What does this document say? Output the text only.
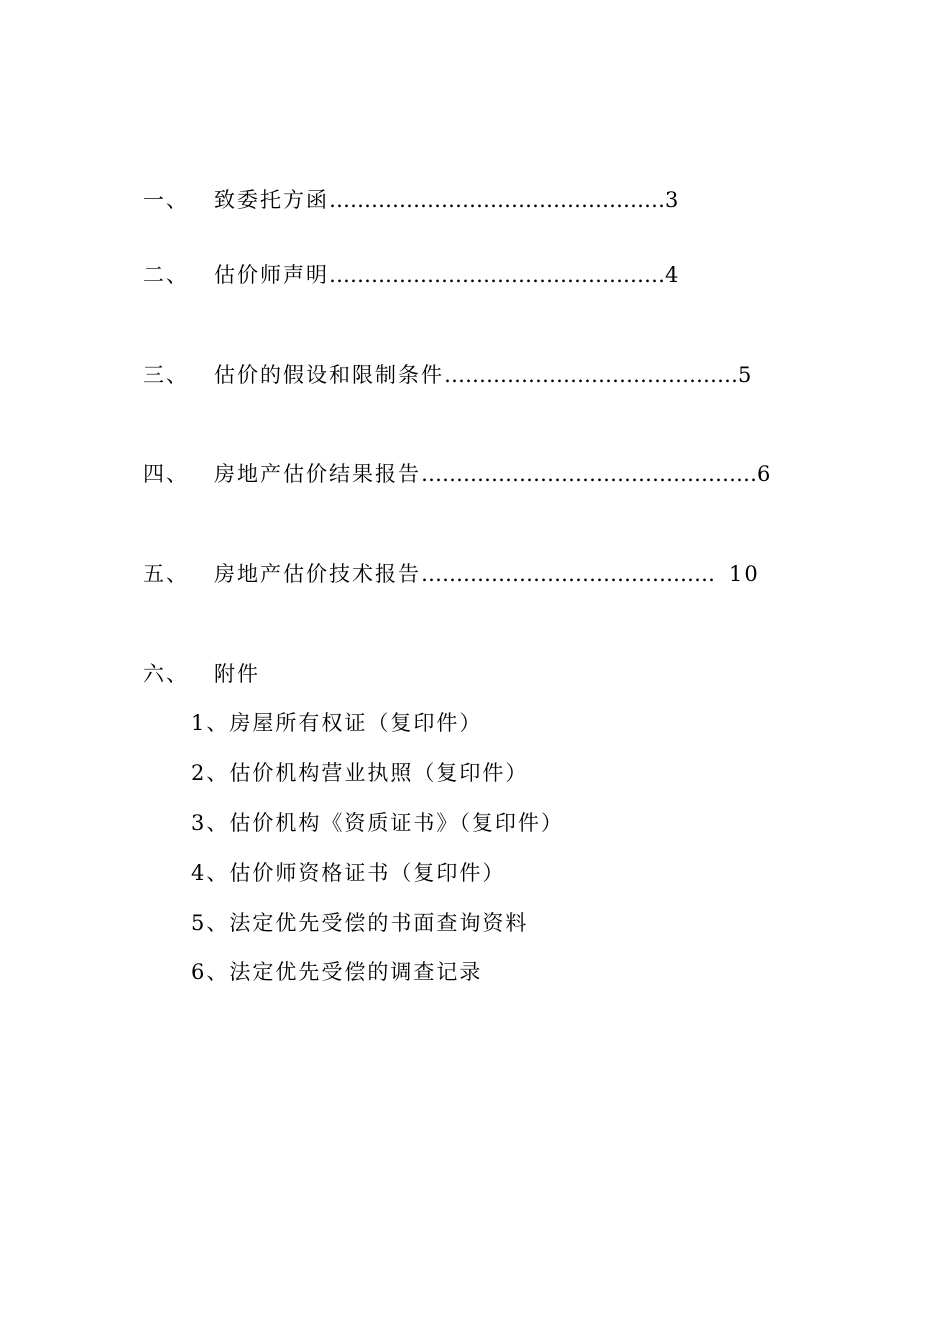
一、 致委托方函…………………………………………3
二、 估价师声明…………………………………………4
三、 估价的假设和限制条件……………………………………5
四、 房地产估价结果报告…………………………………………6
五、 房地产估价技术报告…………………………………… 10
六、 附件
1、房屋所有权证（复印件）
2、估价机构营业执照（复印件）
3、估价机构《资质证书》（复印件）
4、估价师资格证书（复印件）
5、法定优先受偿的书面查询资料
6、法定优先受偿的调查记录
